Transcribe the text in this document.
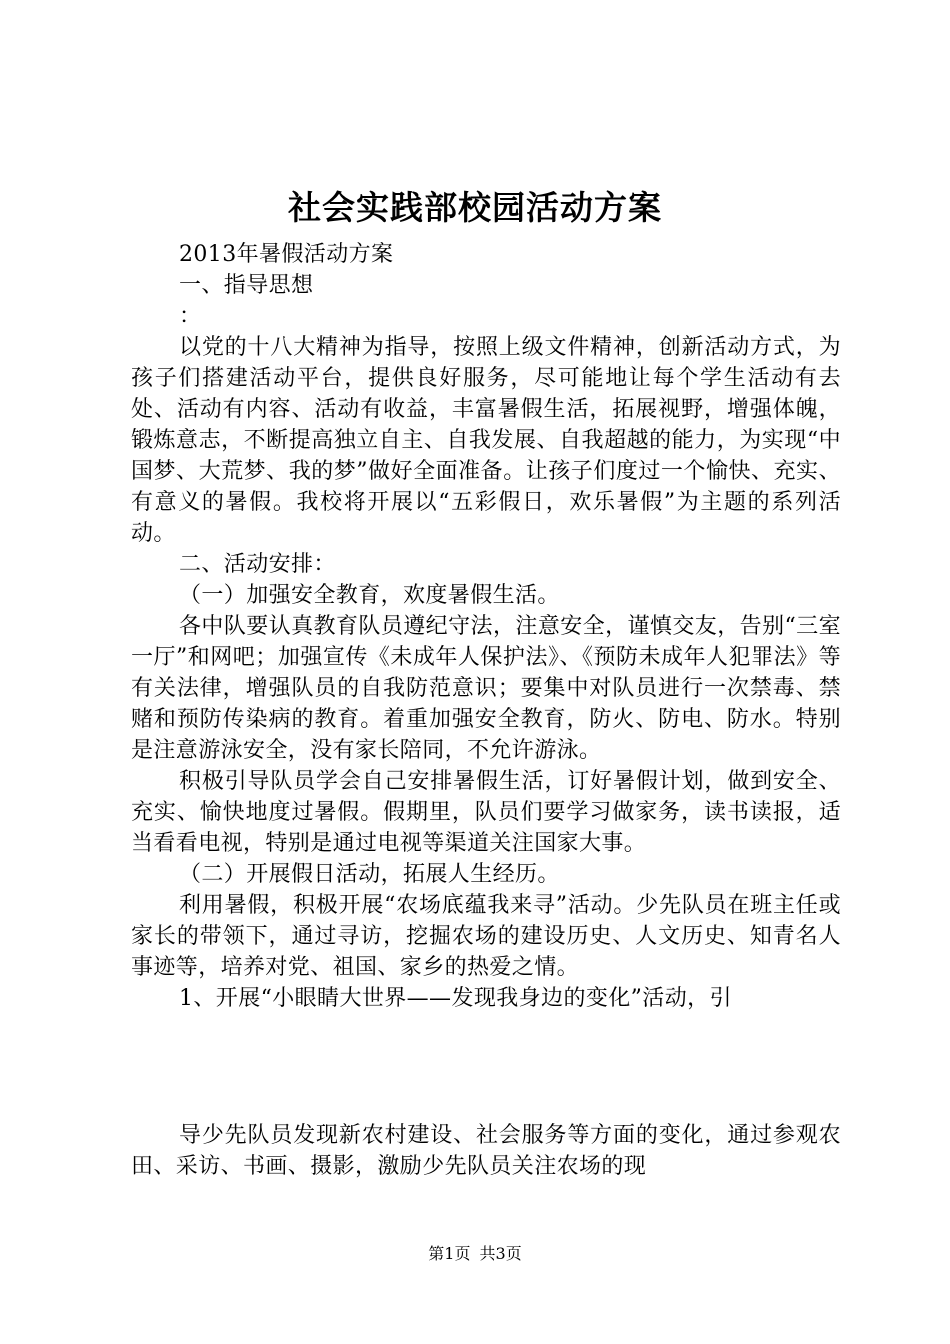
社会实践部校园活动方案

2013年暑假活动方案

一、指导思想

：

以党的十八大精神为指导，按照上级文件精神，创新活动方式，为孩子们搭建活动平台，提供良好服务，尽可能地让每个学生活动有去处、活动有内容、活动有收益，丰富暑假生活，拓展视野，增强体魄，锻炼意志，不断提高独立自主、自我发展、自我超越的能力，为实现“中国梦、大荒梦、我的梦”做好全面准备。让孩子们度过一个愉快、充实、有意义的暑假。我校将开展以“五彩假日，欢乐暑假”为主题的系列活动。

二、活动安排：

（一）加强安全教育，欢度暑假生活。

各中队要认真教育队员遵纪守法，注意安全，谨慎交友，告别“三室一厅”和网吧；加强宣传《未成年人保护法》、《预防未成年人犯罪法》等有关法律，增强队员的自我防范意识；要集中对队员进行一次禁毒、禁赌和预防传染病的教育。着重加强安全教育，防火、防电、防水。特别是注意游泳安全，没有家长陪同，不允许游泳。

积极引导队员学会自己安排暑假生活，订好暑假计划，做到安全、充实、愉快地度过暑假。假期里，队员们要学习做家务，读书读报，适当看看电视，特别是通过电视等渠道关注国家大事。

（二）开展假日活动，拓展人生经历。

利用暑假，积极开展“农场底蕴我来寻”活动。少先队员在班主任或家长的带领下，通过寻访，挖掘农场的建设历史、人文历史、知青名人事迹等，培养对党、祖国、家乡的热爱之情。

1、开展“小眼睛大世界——发现我身边的变化”活动，引

导少先队员发现新农村建设、社会服务等方面的变化，通过参观农田、采访、书画、摄影，激励少先队员关注农场的现

第1页 共3页
